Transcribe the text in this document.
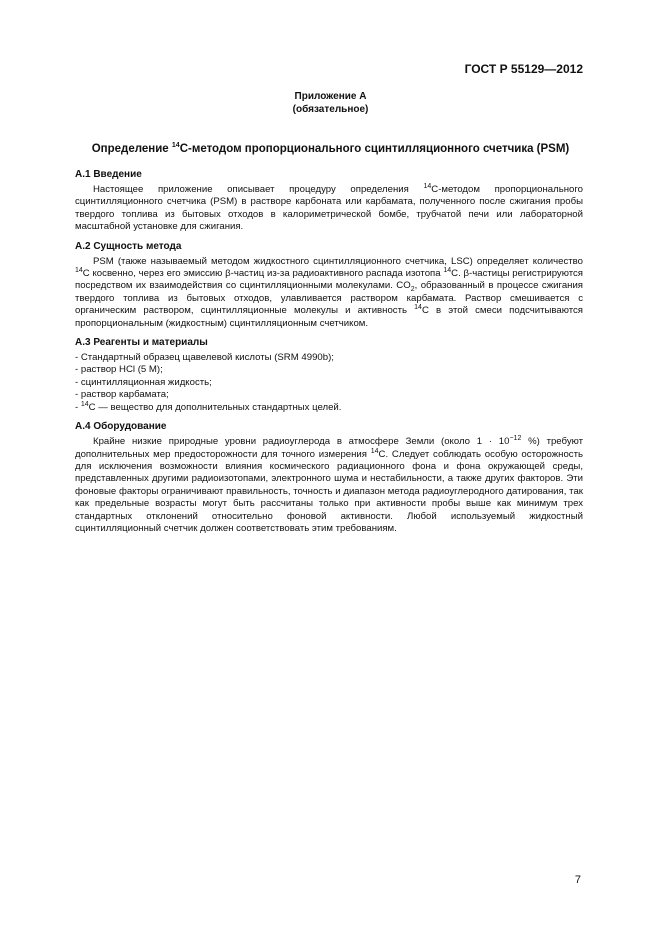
ГОСТ Р 55129—2012
Приложение А
(обязательное)
Определение $^{14}$С-методом пропорционального сцинтилляционного счетчика (PSM)
А.1 Введение

Настоящее приложение описывает процедуру определения $^{14}$С-методом пропорционального сцинтилляционного счетчика (PSM) в растворе карбоната или карбамата, полученного после сжигания пробы твердого топлива из бытовых отходов в калориметрической бомбе, трубчатой печи или лабораторной масштабной установке для сжигания.

А.2 Сущность метода

PSM (также называемый методом жидкостного сцинтилляционного счетчика, LSC) определяет количество $^{14}$С косвенно, через его эмиссию β-частиц из-за радиоактивного распада изотопа $^{14}$С. β-частицы регистрируются посредством их взаимодействия со сцинтилляционными молекулами. $CO_2$, образованный в процессе сжигания твердого топлива из бытовых отходов, улавливается раствором карбамата. Раствор смешивается с органическим раствором, сцинтилляционные молекулы и активность $^{14}$С в этой смеси подсчитываются пропорциональным (жидкостным) сцинтилляционным счетчиком.

А.3 Реагенты и материалы
- Стандартный образец щавелевой кислоты (SRM 4990b);
- раствор HCl (5 М);
- сцинтилляционная жидкость;
- раствор карбамата;
- $^{14}$С — вещество для дополнительных стандартных целей.
А.4 Оборудование

Крайне низкие природные уровни радиоуглерода в атмосфере Земли (около $1 \cdot 10^{-12}$ %) требуют дополнительных мер предосторожности для точного измерения $^{14}$С. Следует соблюдать особую осторожность для исключения возможности влияния космического радиационного фона и фона окружающей среды, представленных другими радиоизотопами, электронного шума и нестабильности, а также других факторов. Эти фоновые факторы ограничивают правильность, точность и диапазон метода радиоуглеродного датирования, так как предельные возрасты могут быть рассчитаны только при активности пробы выше как минимум трех стандартных отклонений относительно фоновой активности. Любой используемый жидкостный сцинтилляционный счетчик должен соответствовать этим требованиям.

7
